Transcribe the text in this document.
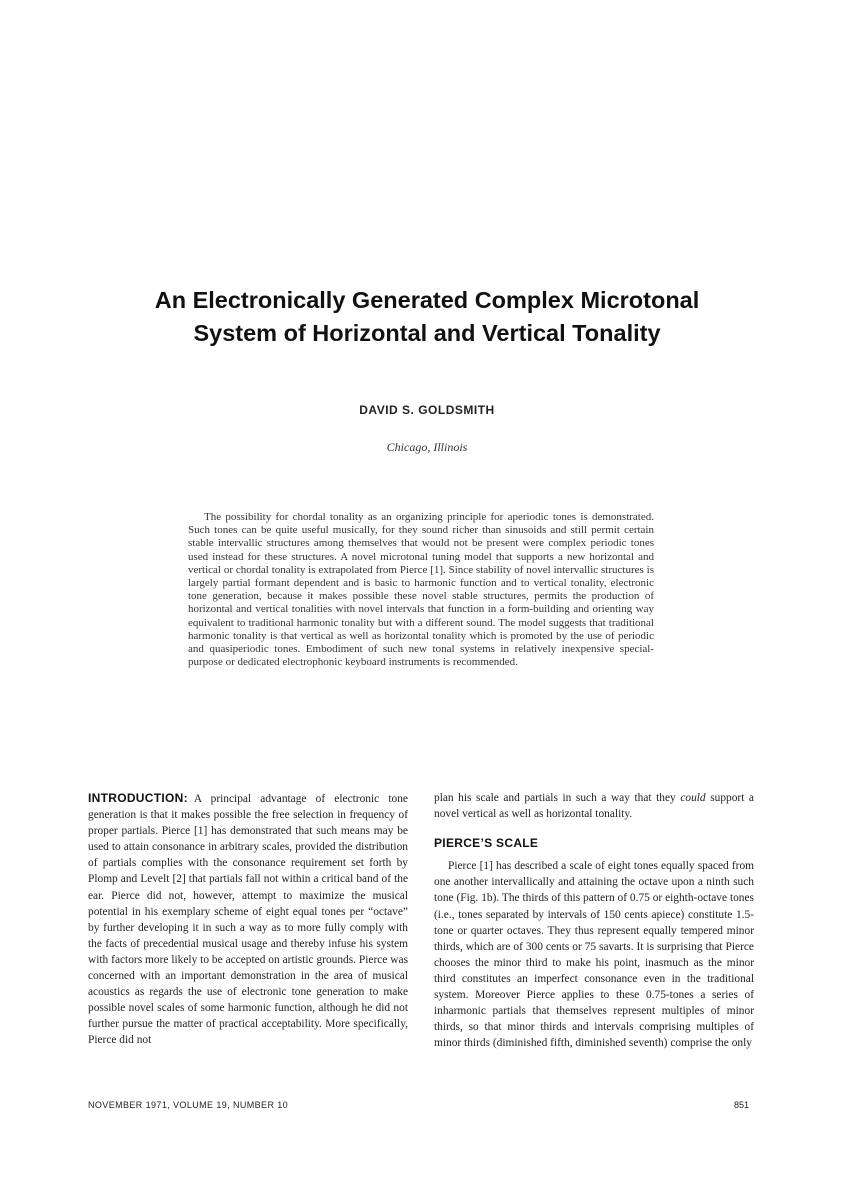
An Electronically Generated Complex Microtonal
System of Horizontal and Vertical Tonality
DAVID S. GOLDSMITH
Chicago, Illinois

The possibility for chordal tonality as an organizing principle for aperiodic tones is demonstrated. Such tones can be quite useful musically, for they sound richer than sinusoids and still permit certain stable intervallic structures among themselves that would not be present were complex periodic tones used instead for these structures. A novel microtonal tuning model that supports a new horizontal and vertical or chordal tonality is extrapolated from Pierce [1]. Since stability of novel intervallic structures is largely partial formant dependent and is basic to harmonic function and to vertical tonality, electronic tone generation, because it makes possible these novel stable structures, permits the production of horizontal and vertical tonalities with novel intervals that function in a form-building and orienting way equivalent to traditional harmonic tonality but with a different sound. The model suggests that traditional harmonic tonality is that vertical as well as horizontal tonality which is promoted by the use of periodic and quasiperiodic tones. Embodiment of such new tonal systems in relatively inexpensive special-purpose or dedicated electrophonic keyboard instruments is recommended.

INTRODUCTION: A principal advantage of electronic tone generation is that it makes possible the free selection in frequency of proper partials. Pierce [1] has demonstrated that such means may be used to attain consonance in arbitrary scales, provided the distribution of partials complies with the consonance requirement set forth by Plomp and Levelt [2] that partials fall not within a critical band of the ear. Pierce did not, however, attempt to maximize the musical potential in his exemplary scheme of eight equal tones per “octave” by further developing it in such a way as to more fully comply with the facts of precedential musical usage and thereby infuse his system with factors more likely to be accepted on artistic grounds. Pierce was concerned with an important demonstration in the area of musical acoustics as regards the use of electronic tone generation to make possible novel scales of some harmonic function, although he did not further pursue the matter of practical acceptability. More specifically, Pierce did not

plan his scale and partials in such a way that they could support a novel vertical as well as horizontal tonality.

PIERCE’S SCALE

Pierce [1] has described a scale of eight tones equally spaced from one another intervallically and attaining the octave upon a ninth such tone (Fig. 1b). The thirds of this pattern of 0.75 or eighth-octave tones (i.e., tones separated by intervals of 150 cents apiece) constitute 1.5-tone or quarter octaves. They thus represent equally tempered minor thirds, which are of 300 cents or 75 savarts. It is surprising that Pierce chooses the minor third to make his point, inasmuch as the minor third constitutes an imperfect consonance even in the traditional system. Moreover Pierce applies to these 0.75-tones a series of inharmonic partials that themselves represent multiples of minor thirds, so that minor thirds and intervals comprising multiples of minor thirds (diminished fifth, diminished seventh) comprise the only

NOVEMBER 1971, VOLUME 19, NUMBER 10	851
